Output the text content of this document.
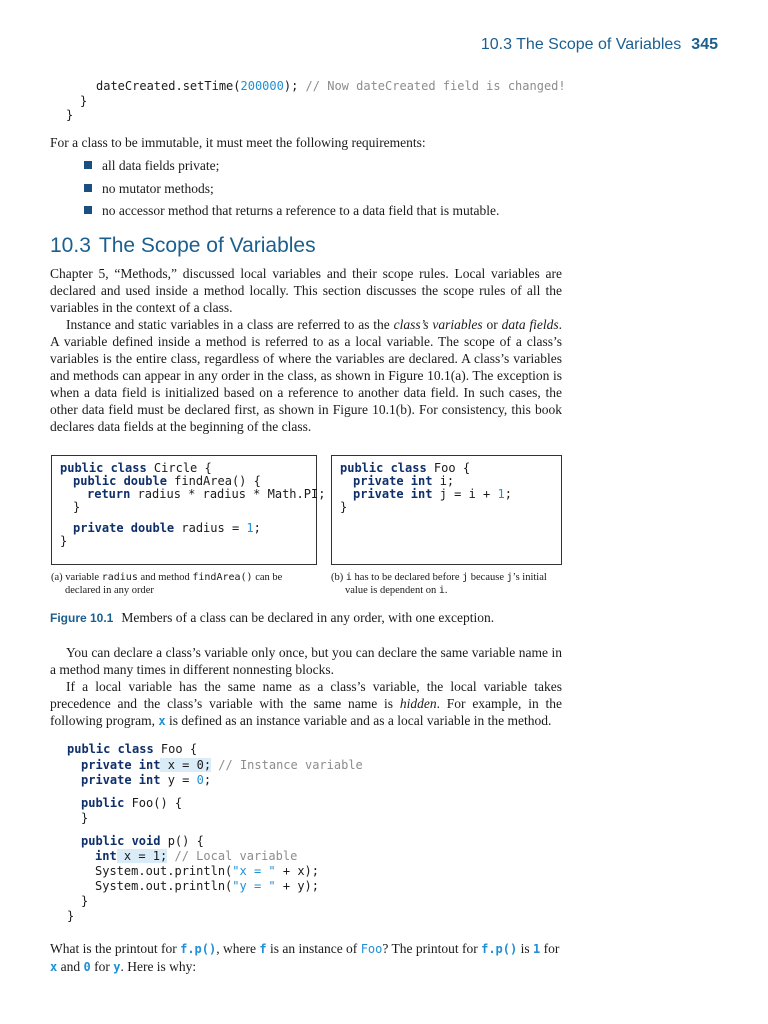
10.3 The Scope of Variables 345
dateCreated.setTime(200000); // Now dateCreated field is changed!
}
}
For a class to be immutable, it must meet the following requirements:
all data fields private;
no mutator methods;
no accessor method that returns a reference to a data field that is mutable.
10.3 The Scope of Variables
Chapter 5, “Methods,” discussed local variables and their scope rules. Local variables are declared and used inside a method locally. This section discusses the scope rules of all the variables in the context of a class.
Instance and static variables in a class are referred to as the class’s variables or data fields. A variable defined inside a method is referred to as a local variable. The scope of a class’s variables is the entire class, regardless of where the variables are declared. A class’s variables and methods can appear in any order in the class, as shown in Figure 10.1(a). The exception is when a data field is initialized based on a reference to another data field. In such cases, the other data field must be declared first, as shown in Figure 10.1(b). For consistency, this book declares data fields at the beginning of the class.
public class Circle {
public double findArea() {
return radius * radius * Math.PI;
}
private double radius = 1;
}
public class Foo {
private int i;
private int j = i + 1;
}
(a) variable radius and method findArea() can be
declared in any order
(b) i has to be declared before j because j’s initial
value is dependent on i.
Figure 10.1 Members of a class can be declared in any order, with one exception.
You can declare a class’s variable only once, but you can declare the same variable name in a method many times in different nonnesting blocks.
If a local variable has the same name as a class’s variable, the local variable takes precedence and the class’s variable with the same name is hidden. For example, in the following program, x is defined as an instance variable and as a local variable in the method.
public class Foo {
private int x = 0; // Instance variable
private int y = 0;
public Foo() {
}
public void p() {
int x = 1; // Local variable
System.out.println("x = " + x);
System.out.println("y = " + y);
}
}
What is the printout for f.p(), where f is an instance of Foo? The printout for f.p() is 1 for
x and 0 for y. Here is why:
